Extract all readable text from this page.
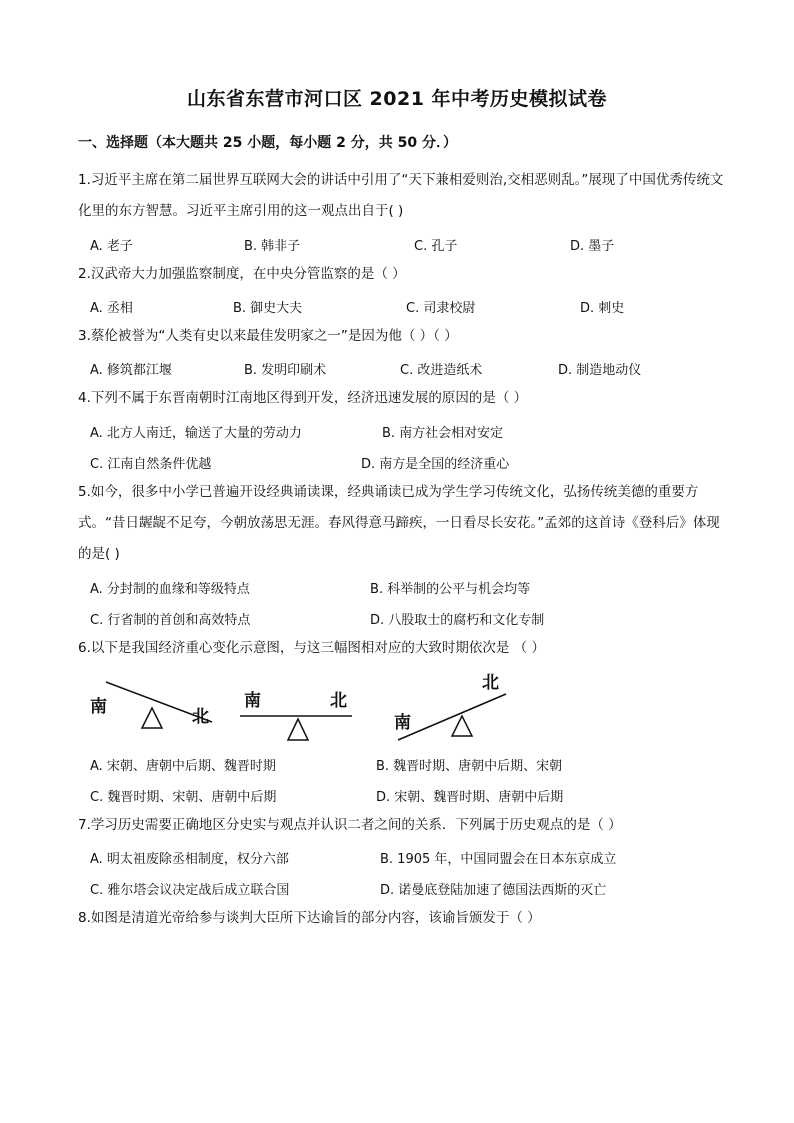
山东省东营市河口区 2021 年中考历史模拟试卷
一、选择题（本大题共 25 小题，每小题 2 分，共 50 分．）
1.习近平主席在第二届世界互联网大会的讲话中引用了“天下兼相爱则治,交相恶则乱。”展现了中国优秀传统文化里的东方智慧。习近平主席引用的这一观点出自于( )
A. 老子	B. 韩非子	C. 孔子	D. 墨子
2.汉武帝大力加强监察制度，在中央分管监察的是（ ）
A. 丞相	B. 御史大夫	C. 司隶校尉	D. 刺史
3.蔡伦被誉为“人类有史以来最佳发明家之一”是因为他（ ）（ ）
A. 修筑都江堰	B. 发明印刷术	C. 改进造纸术	D. 制造地动仪
4.下列不属于东晋南朝时江南地区得到开发，经济迅速发展的原因的是（ ）
A. 北方人南迁，输送了大量的劳动力	B. 南方社会相对安定
C. 江南自然条件优越	D. 南方是全国的经济重心
5.如今，很多中小学已普遍开设经典诵读课，经典诵读已成为学生学习传统文化，弘扬传统美德的重要方式。“昔日龌龊不足夸，今朝放荡思无涯。春风得意马蹄疾，一日看尽长安花。”孟郊的这首诗《登科后》体现的是( )
A. 分封制的血缘和等级特点	B. 科举制的公平与机会均等
C. 行省制的首创和高效特点	D. 八股取士的腐朽和文化专制
6.以下是我国经济重心变化示意图，与这三幅图相对应的大致时期依次是 （ ）
南	北
南	北
南
北
A. 宋朝、唐朝中后期、魏晋时期	B. 魏晋时期、唐朝中后期、宋朝
C. 魏晋时期、宋朝、唐朝中后期	D. 宋朝、魏晋时期、唐朝中后期
7.学习历史需要正确地区分史实与观点并认识二者之间的关系．下列属于历史观点的是（ ）
A. 明太祖废除丞相制度，权分六部	B. 1905 年，中国同盟会在日本东京成立
C. 雅尔塔会议决定战后成立联合国	D. 诺曼底登陆加速了德国法西斯的灭亡
8.如图是清道光帝给参与谈判大臣所下达谕旨的部分内容，该谕旨颁发于（ ）
